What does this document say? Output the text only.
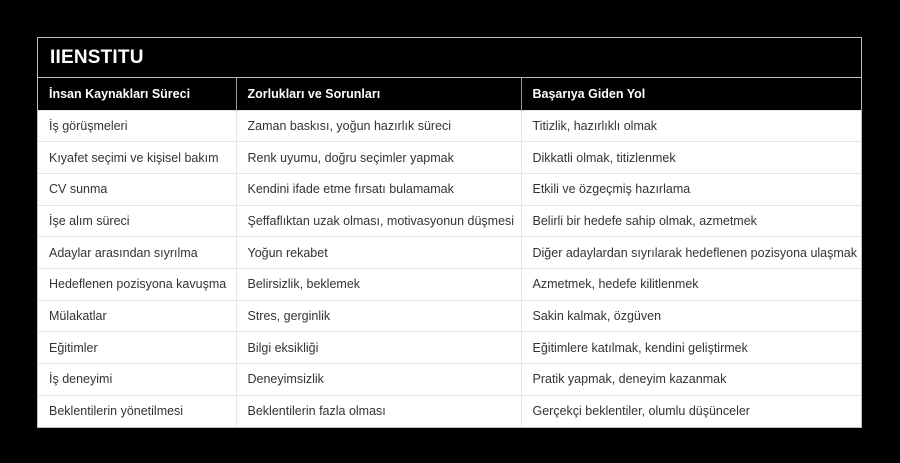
IIENSTITU
İnsan Kaynakları Süreci	Zorlukları ve Sorunları	Başarıya Giden Yol
İş görüşmeleri	Zaman baskısı, yoğun hazırlık süreci	Titizlik, hazırlıklı olmak
Kıyafet seçimi ve kişisel bakım	Renk uyumu, doğru seçimler yapmak	Dikkatli olmak, titizlenmek
CV sunma	Kendini ifade etme fırsatı bulamamak	Etkili ve özgeçmiş hazırlama
İşe alım süreci	Şeffaflıktan uzak olması, motivasyonun düşmesi	Belirli bir hedefe sahip olmak, azmetmek
Adaylar arasından sıyrılma	Yoğun rekabet	Diğer adaylardan sıyrılarak hedeflenen pozisyona ulaşmak
Hedeflenen pozisyona kavuşma	Belirsizlik, beklemek	Azmetmek, hedefe kilitlenmek
Mülakatlar	Stres, gerginlik	Sakin kalmak, özgüven
Eğitimler	Bilgi eksikliği	Eğitimlere katılmak, kendini geliştirmek
İş deneyimi	Deneyimsizlik	Pratik yapmak, deneyim kazanmak
Beklentilerin yönetilmesi	Beklentilerin fazla olması	Gerçekçi beklentiler, olumlu düşünceler
